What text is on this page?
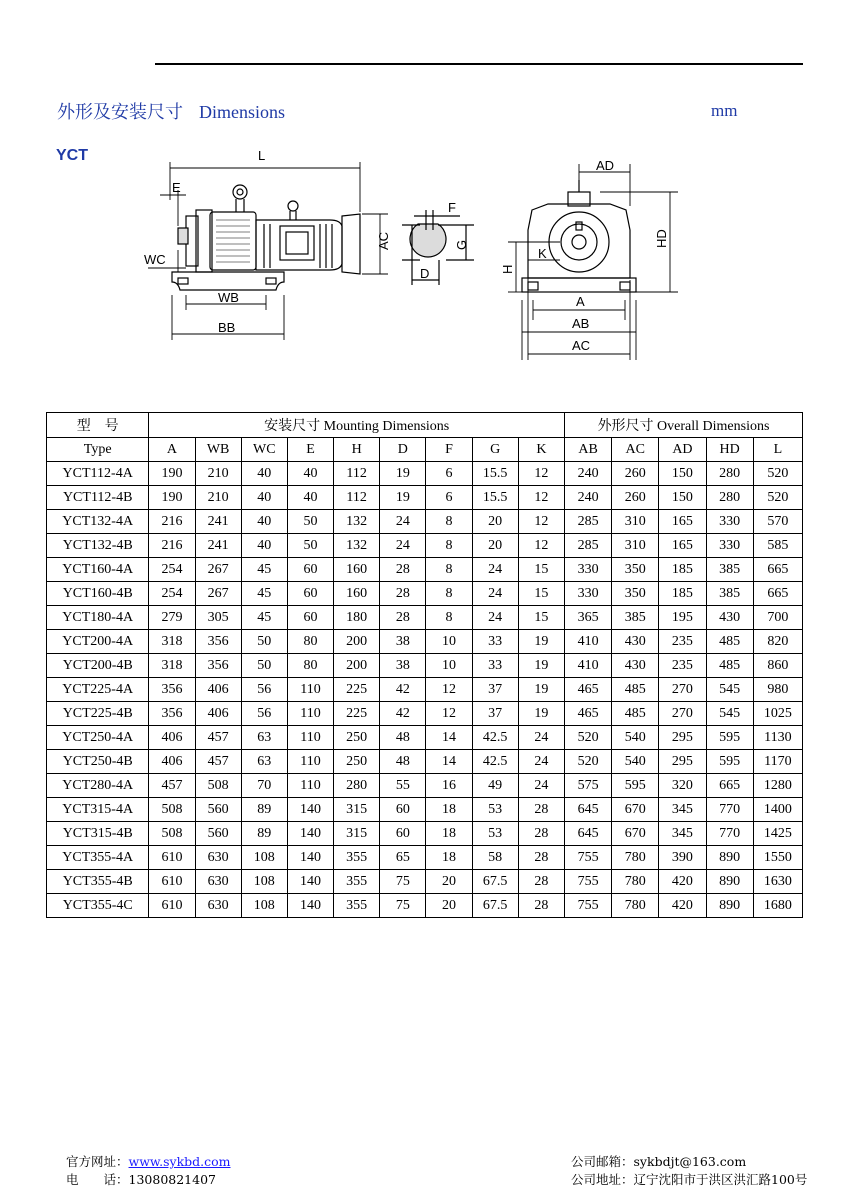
外形及安装尺寸 Dimensions	mm
YCT	L
E
WC
WB
BB
AC
F
G
D
AD
HD
H
K
A
AB
AC
型　号	安装尺寸 Mounting Dimensions									外形尺寸 Overall Dimensions				
Type	A	WB	WC	E	H	D	F	G	K	AB	AC	AD	HD	L
YCT112-4A	190	210	40	40	112	19	6	15.5	12	240	260	150	280	520
YCT112-4B	190	210	40	40	112	19	6	15.5	12	240	260	150	280	520
YCT132-4A	216	241	40	50	132	24	8	20	12	285	310	165	330	570
YCT132-4B	216	241	40	50	132	24	8	20	12	285	310	165	330	585
YCT160-4A	254	267	45	60	160	28	8	24	15	330	350	185	385	665
YCT160-4B	254	267	45	60	160	28	8	24	15	330	350	185	385	665
YCT180-4A	279	305	45	60	180	28	8	24	15	365	385	195	430	700
YCT200-4A	318	356	50	80	200	38	10	33	19	410	430	235	485	820
YCT200-4B	318	356	50	80	200	38	10	33	19	410	430	235	485	860
YCT225-4A	356	406	56	110	225	42	12	37	19	465	485	270	545	980
YCT225-4B	356	406	56	110	225	42	12	37	19	465	485	270	545	1025
YCT250-4A	406	457	63	110	250	48	14	42.5	24	520	540	295	595	1130
YCT250-4B	406	457	63	110	250	48	14	42.5	24	520	540	295	595	1170
YCT280-4A	457	508	70	110	280	55	16	49	24	575	595	320	665	1280
YCT315-4A	508	560	89	140	315	60	18	53	28	645	670	345	770	1400
YCT315-4B	508	560	89	140	315	60	18	53	28	645	670	345	770	1425
YCT355-4A	610	630	108	140	355	65	18	58	28	755	780	390	890	1550
YCT355-4B	610	630	108	140	355	75	20	67.5	28	755	780	420	890	1630
YCT355-4C	610	630	108	140	355	75	20	67.5	28	755	780	420	890	1680
官方网址：www.sykbd.com
电　　话：13080821407
公司邮箱：sykbdjt@163.com
公司地址：辽宁沈阳市于洪区洪汇路100号
